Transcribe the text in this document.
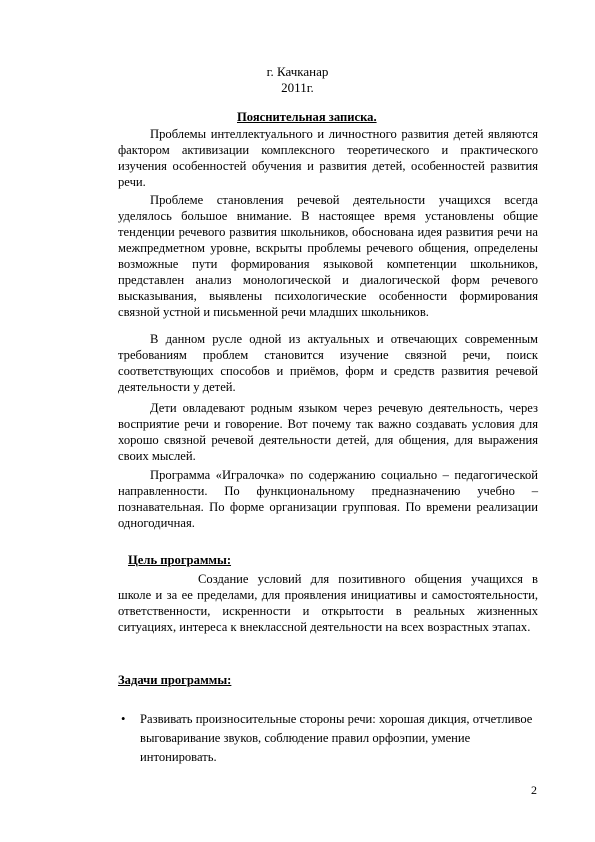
г. Качканар
2011г.
Пояснительная записка.

Проблемы интеллектуального и личностного развития детей являются фактором активизации комплексного теоретического и практического изучения особенностей обучения и развития детей, особенностей развития речи.

Проблеме становления речевой деятельности учащихся всегда уделялось большое внимание. В настоящее время установлены общие тенденции речевого развития школьников, обоснована идея развития речи на межпредметном уровне, вскрыты проблемы речевого общения, определены возможные пути формирования языковой компетенции школьников, представлен анализ монологической и диалогической форм речевого высказывания, выявлены психологические особенности формирования связной устной и письменной речи младших школьников.

В данном русле одной из актуальных и отвечающих современным требованиям проблем становится изучение связной речи, поиск соответствующих способов и приёмов, форм и средств развития речевой деятельности у детей.

Дети овладевают родным языком через речевую деятельность, через восприятие речи и говорение. Вот почему так важно создавать условия для хорошо связной речевой деятельности детей, для общения, для выражения своих мыслей.

Программа «Игралочка» по содержанию социально – педагогической направленности. По функциональному предназначению учебно – познавательная. По форме организации групповая. По времени реализации одногодичная.

Цель программы:

Создание условий для позитивного общения учащихся в школе и за ее пределами, для проявления инициативы и самостоятельности, ответственности, искренности и открытости в реальных жизненных ситуациях, интереса к внеклассной деятельности на всех возрастных этапах.

Задачи программы:
• Развивать произносительные стороны речи: хорошая дикция, отчетливое выговаривание звуков, соблюдение правил орфоэпии, умение интонировать.
2
